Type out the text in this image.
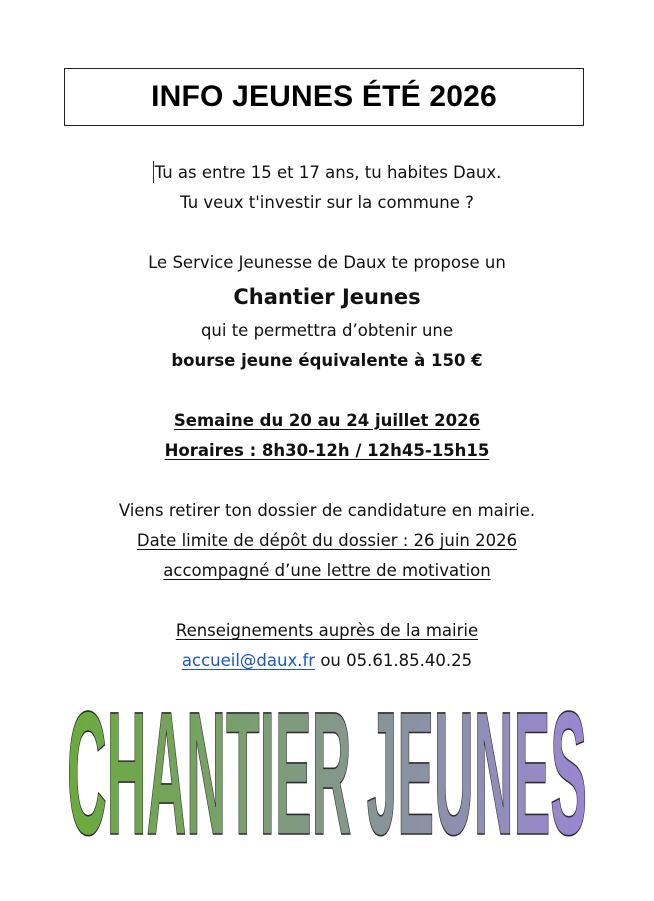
INFO JEUNES ÉTÉ 2026
Tu as entre 15 et 17 ans, tu habites Daux.
Tu veux t'investir sur la commune ?
Le Service Jeunesse de Daux te propose un
Chantier Jeunes
qui te permettra d’obtenir une
bourse jeune équivalente à 150 €
Semaine du 20 au 24 juillet 2026
Horaires : 8h30-12h / 12h45-15h15
Viens retirer ton dossier de candidature en mairie.
Date limite de dépôt du dossier : 26 juin 2026
accompagné d’une lettre de motivation
Renseignements auprès de la mairie
accueil@daux.fr ou 05.61.85.40.25
CHANTIER JEUNES
